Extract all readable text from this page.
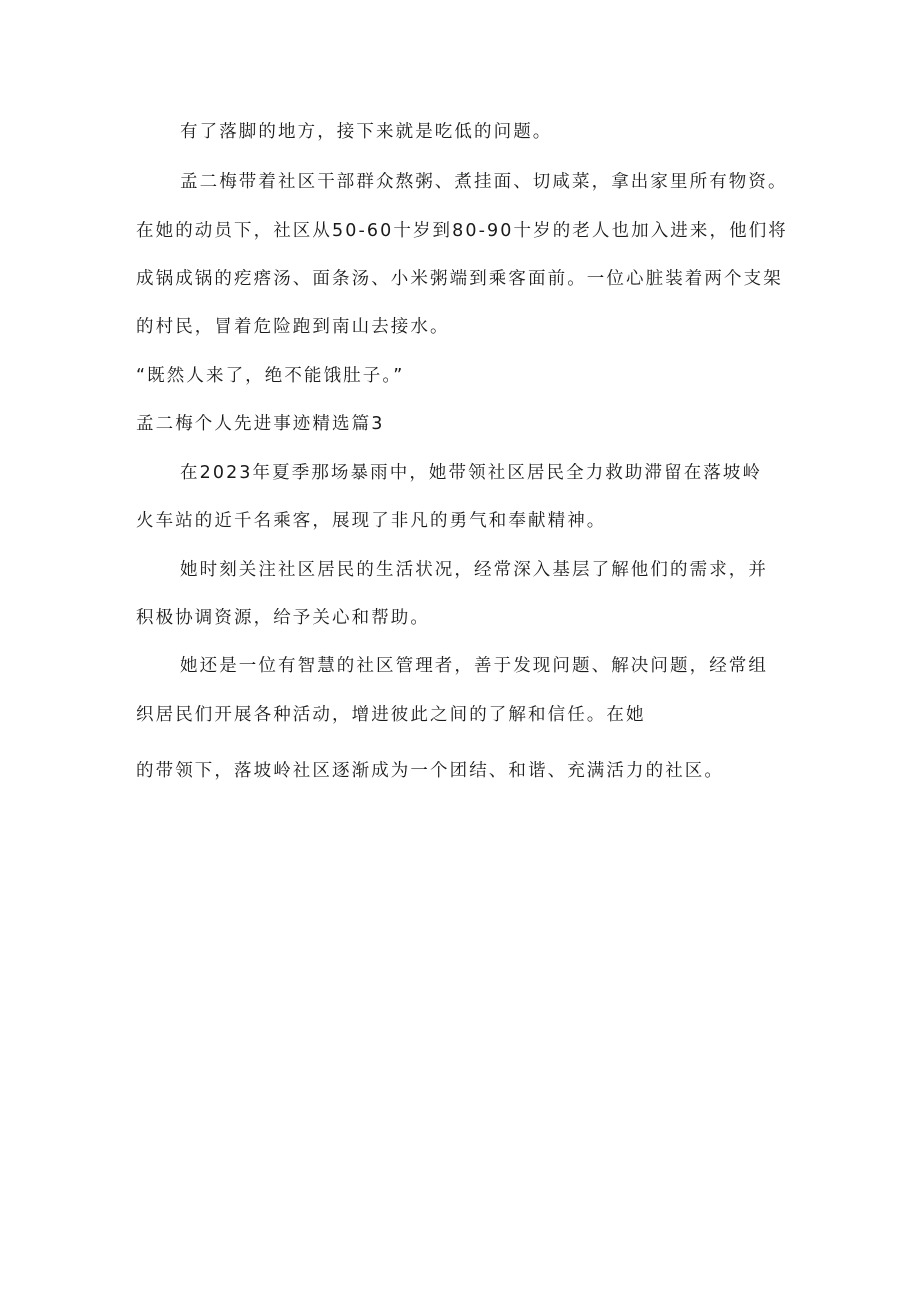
有了落脚的地方，接下来就是吃低的问题。
孟二梅带着社区干部群众熬粥、煮挂面、切咸菜，拿出家里所有物资。
在她的动员下，社区从50-60十岁到80-90十岁的老人也加入进来，他们将
成锅成锅的疙瘩汤、面条汤、小米粥端到乘客面前。一位心脏装着两个支架
的村民，冒着危险跑到南山去接水。
“既然人来了，绝不能饿肚子。”
孟二梅个人先进事迹精选篇3
在2023年夏季那场暴雨中，她带领社区居民全力救助滞留在落坡岭
火车站的近千名乘客，展现了非凡的勇气和奉献精神。
她时刻关注社区居民的生活状况，经常深入基层了解他们的需求，并
积极协调资源，给予关心和帮助。
她还是一位有智慧的社区管理者，善于发现问题、解决问题，经常组
织居民们开展各种活动，增进彼此之间的了解和信任。在她
的带领下，落坡岭社区逐渐成为一个团结、和谐、充满活力的社区。
